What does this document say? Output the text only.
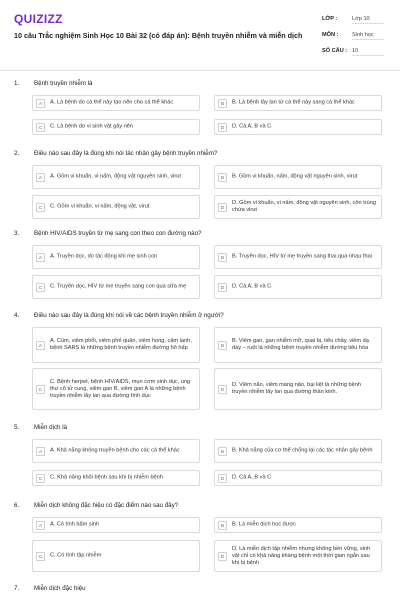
QUIZIZZ
10 câu Trắc nghiệm Sinh Học 10 Bài 32 (có đáp án): Bệnh truyền nhiễm và miễn dịch
LỚP :	Lớp 10
MÔN : Sinh học
SỐ CÂU : 10
1. Bệnh truyền nhiễm là
A	A. Là bệnh do cá thể này tạo nên cho cá thể khác	B	B. Là bệnh lây lan từ cá thể này sang cá thể khác
C	C. Là bệnh do vi sinh vật gây nên	D	D. Cả A, B và C
2. Điều nào sau đây là đúng khi nói tác nhân gây bệnh truyền nhiễm?
A	A. Gồm vi khuẩn, vi nấm, động vật nguyên sinh, virut	B	B. Gồm vi khuẩn, nấm, động vật nguyên sinh, virut
C	C. Gồm vi khuẩn, vi nấm, động vật, virut	D
D. Gồm vi khuẩn, vi nấm, động vật nguyên sinh, côn trùng chứa virut
3. Bệnh HIV/AIDS truyền từ mẹ sang con theo con đường nào?
A	A. Truyền dọc, do tác động khi mẹ sinh con	B	B. Truyền dọc, HIV từ mẹ truyền sang thai qua nhau thai
C	C. Truyền dọc, HIV từ mẹ truyền sang con qua sữa mẹ	D	D. Cả A, B và C
4. Điều nào sau đây là đúng khi nói về các bệnh truyền nhiễm ở người?
A
A. Cúm, viêm phổi, viêm phế quản, viêm họng, cảm lạnh, bệnh SARS là những bệnh truyền nhiễm đường hô hấp	B
B. Viêm gan, gan nhiễm mỡ, quai bị, tiêu chảy, viêm dạ dày – ruột là những bệnh truyền nhiễm đường tiêu hóa
C
C. Bệnh herpet, bệnh HIV/AIDS, mụn cơm sinh dục, ung thư cổ tử cung, viêm gan B, viêm gan A là những bệnh truyền nhiễm lây lan qua đường tình dục
D
D. Viêm não, viêm màng não, bại liệt là những bệnh truyền nhiễm lây lan qua đường thần kinh.
5. Miễn dịch là
A	A. Khả năng không truyền bệnh cho các cá thể khác	B	B. Khả năng của cơ thể chống lại các tác nhân gây bệnh
C	C. Khả năng khỏi bệnh sau khi bị nhiễm bệnh	D	D. Cả A, B và C
6. Miễn dịch không đặc hiệu có đặc điểm nào sau đây?
A	A. Có tính bẩm sinh	B	B. Là miễn dịch học được
C	C. Có tính tập nhiễm	D
D. Là miễn dịch tập nhiễm nhưng không bền vững, sinh vật chỉ có khả năng kháng bệnh một thời gian ngắn sau khi bị bệnh
7. Miễn dịch đặc hiệu
